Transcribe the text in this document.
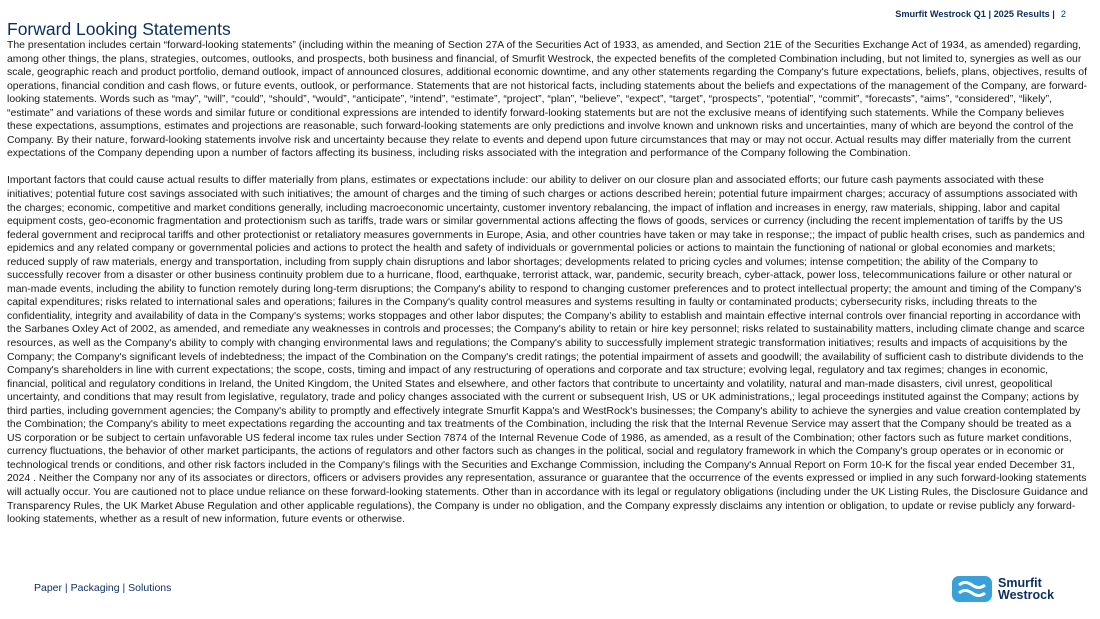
Smurfit Westrock Q1 | 2025 Results | 2
Forward Looking Statements

The presentation includes certain “forward-looking statements” (including within the meaning of Section 27A of the Securities Act of 1933, as amended, and Section 21E of the Securities Exchange Act of 1934, as amended) regarding, among other things, the plans, strategies, outcomes, outlooks, and prospects, both business and financial, of Smurfit Westrock, the expected benefits of the completed Combination including, but not limited to, synergies as well as our scale, geographic reach and product portfolio, demand outlook, impact of announced closures, additional economic downtime, and any other statements regarding the Company's future expectations, beliefs, plans, objectives, results of operations, financial condition and cash flows, or future events, outlook, or performance. Statements that are not historical facts, including statements about the beliefs and expectations of the management of the Company, are forward-looking statements. Words such as “may”, “will”, “could”, “should”, “would”, “anticipate”, “intend”, “estimate”, “project”, “plan”, “believe”, “expect”, “target”, “prospects”, “potential”, “commit”, “forecasts”, “aims”, “considered”, “likely”, “estimate” and variations of these words and similar future or conditional expressions are intended to identify forward-looking statements but are not the exclusive means of identifying such statements. While the Company believes these expectations, assumptions, estimates and projections are reasonable, such forward-looking statements are only predictions and involve known and unknown risks and uncertainties, many of which are beyond the control of the Company. By their nature, forward-looking statements involve risk and uncertainty because they relate to events and depend upon future circumstances that may or may not occur. Actual results may differ materially from the current expectations of the Company depending upon a number of factors affecting its business, including risks associated with the integration and performance of the Company following the Combination.

Important factors that could cause actual results to differ materially from plans, estimates or expectations include: our ability to deliver on our closure plan and associated efforts; our future cash payments associated with these initiatives; potential future cost savings associated with such initiatives; the amount of charges and the timing of such charges or actions described herein; potential future impairment charges; accuracy of assumptions associated with the charges; economic, competitive and market conditions generally, including macroeconomic uncertainty, customer inventory rebalancing, the impact of inflation and increases in energy, raw materials, shipping, labor and capital equipment costs, geo-economic fragmentation and protectionism such as tariffs, trade wars or similar governmental actions affecting the flows of goods, services or currency (including the recent implementation of tariffs by the US federal government and reciprocal tariffs and other protectionist or retaliatory measures governments in Europe, Asia, and other countries have taken or may take in response;; the impact of public health crises, such as pandemics and epidemics and any related company or governmental policies and actions to protect the health and safety of individuals or governmental policies or actions to maintain the functioning of national or global economies and markets; reduced supply of raw materials, energy and transportation, including from supply chain disruptions and labor shortages; developments related to pricing cycles and volumes; intense competition; the ability of the Company to successfully recover from a disaster or other business continuity problem due to a hurricane, flood, earthquake, terrorist attack, war, pandemic, security breach, cyber-attack, power loss, telecommunications failure or other natural or man-made events, including the ability to function remotely during long-term disruptions; the Company's ability to respond to changing customer preferences and to protect intellectual property; the amount and timing of the Company's capital expenditures; risks related to international sales and operations; failures in the Company's quality control measures and systems resulting in faulty or contaminated products; cybersecurity risks, including threats to the confidentiality, integrity and availability of data in the Company's systems; works stoppages and other labor disputes; the Company’s ability to establish and maintain effective internal controls over financial reporting in accordance with the Sarbanes Oxley Act of 2002, as amended, and remediate any weaknesses in controls and processes; the Company's ability to retain or hire key personnel; risks related to sustainability matters, including climate change and scarce resources, as well as the Company's ability to comply with changing environmental laws and regulations; the Company's ability to successfully implement strategic transformation initiatives; results and impacts of acquisitions by the Company; the Company's significant levels of indebtedness; the impact of the Combination on the Company's credit ratings; the potential impairment of assets and goodwill; the availability of sufficient cash to distribute dividends to the Company's shareholders in line with current expectations; the scope, costs, timing and impact of any restructuring of operations and corporate and tax structure; evolving legal, regulatory and tax regimes; changes in economic, financial, political and regulatory conditions in Ireland, the United Kingdom, the United States and elsewhere, and other factors that contribute to uncertainty and volatility, natural and man-made disasters, civil unrest, geopolitical uncertainty, and conditions that may result from legislative, regulatory, trade and policy changes associated with the current or subsequent Irish, US or UK administrations,; legal proceedings instituted against the Company; actions by third parties, including government agencies; the Company's ability to promptly and effectively integrate Smurfit Kappa's and WestRock's businesses; the Company's ability to achieve the synergies and value creation contemplated by the Combination; the Company's ability to meet expectations regarding the accounting and tax treatments of the Combination, including the risk that the Internal Revenue Service may assert that the Company should be treated as a US corporation or be subject to certain unfavorable US federal income tax rules under Section 7874 of the Internal Revenue Code of 1986, as amended, as a result of the Combination; other factors such as future market conditions, currency fluctuations, the behavior of other market participants, the actions of regulators and other factors such as changes in the political, social and regulatory framework in which the Company's group operates or in economic or technological trends or conditions, and other risk factors included in the Company's filings with the Securities and Exchange Commission, including the Company's Annual Report on Form 10-K for the fiscal year ended December 31, 2024 . Neither the Company nor any of its associates or directors, officers or advisers provides any representation, assurance or guarantee that the occurrence of the events expressed or implied in any such forward-looking statements will actually occur. You are cautioned not to place undue reliance on these forward-looking statements. Other than in accordance with its legal or regulatory obligations (including under the UK Listing Rules, the Disclosure Guidance and Transparency Rules, the UK Market Abuse Regulation and other applicable regulations), the Company is under no obligation, and the Company expressly disclaims any intention or obligation, to update or revise publicly any forward-looking statements, whether as a result of new information, future events or otherwise.

Paper | Packaging | Solutions	Smurfit
Westrock
